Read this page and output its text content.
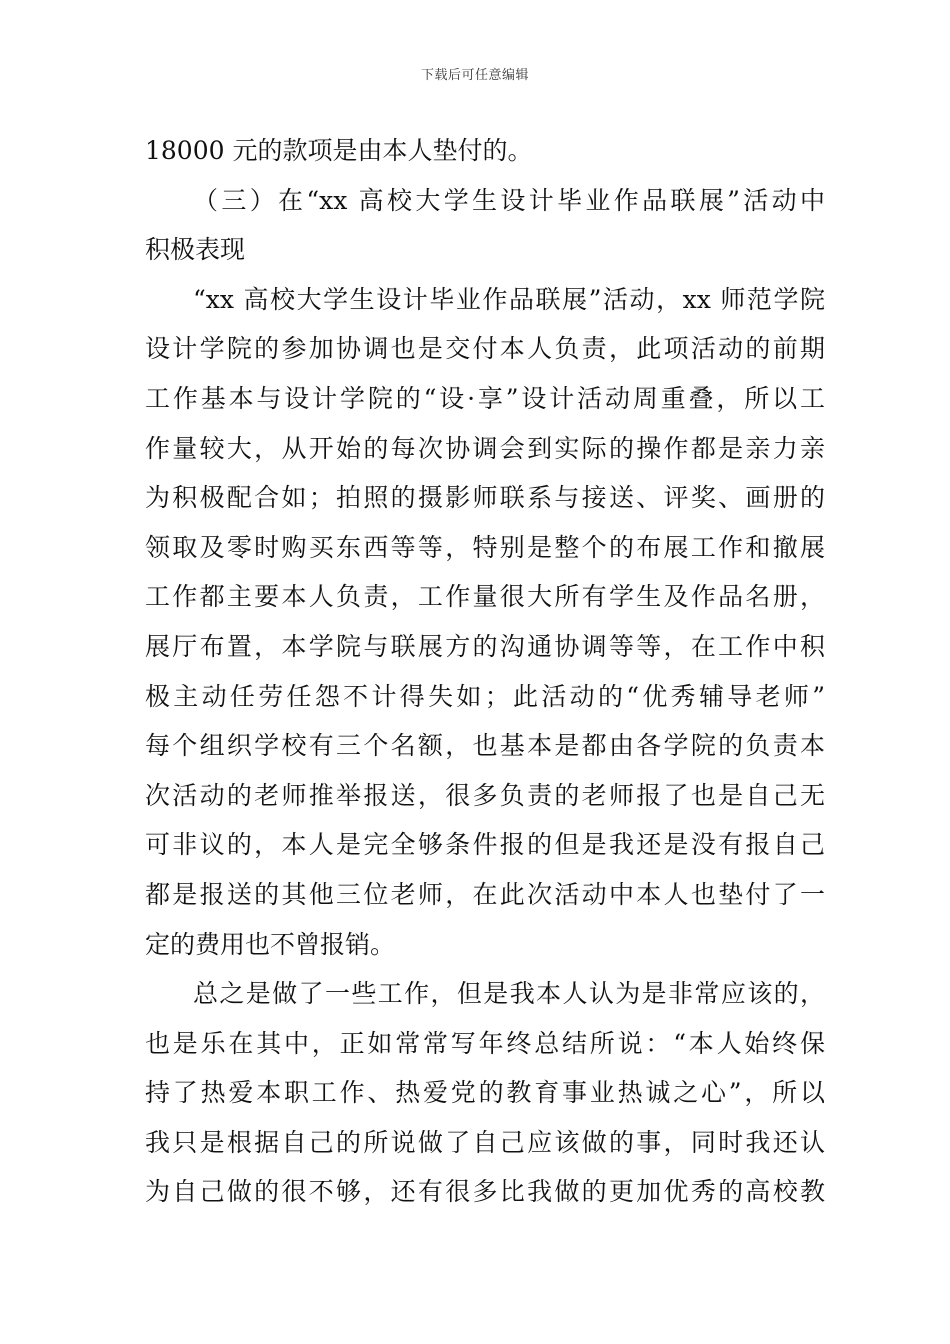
下载后可任意编辑
18000 元的款项是由本人垫付的。
（三）在“xx 高校大学生设计毕业作品联展”活动中
积极表现
“xx 高校大学生设计毕业作品联展”活动，xx 师范学院
设计学院的参加协调也是交付本人负责，此项活动的前期
工作基本与设计学院的“设·享”设计活动周重叠，所以工
作量较大，从开始的每次协调会到实际的操作都是亲力亲
为积极配合如；拍照的摄影师联系与接送、评奖、画册的
领取及零时购买东西等等，特别是整个的布展工作和撤展
工作都主要本人负责，工作量很大所有学生及作品名册，
展厅布置，本学院与联展方的沟通协调等等，在工作中积
极主动任劳任怨不计得失如；此活动的“优秀辅导老师”
每个组织学校有三个名额，也基本是都由各学院的负责本
次活动的老师推举报送，很多负责的老师报了也是自己无
可非议的，本人是完全够条件报的但是我还是没有报自己
都是报送的其他三位老师，在此次活动中本人也垫付了一
定的费用也不曾报销。
总之是做了一些工作，但是我本人认为是非常应该的，
也是乐在其中，正如常常写年终总结所说：“本人始终保
持了热爱本职工作、热爱党的教育事业热诚之心”，所以
我只是根据自己的所说做了自己应该做的事，同时我还认
为自己做的很不够，还有很多比我做的更加优秀的高校教
